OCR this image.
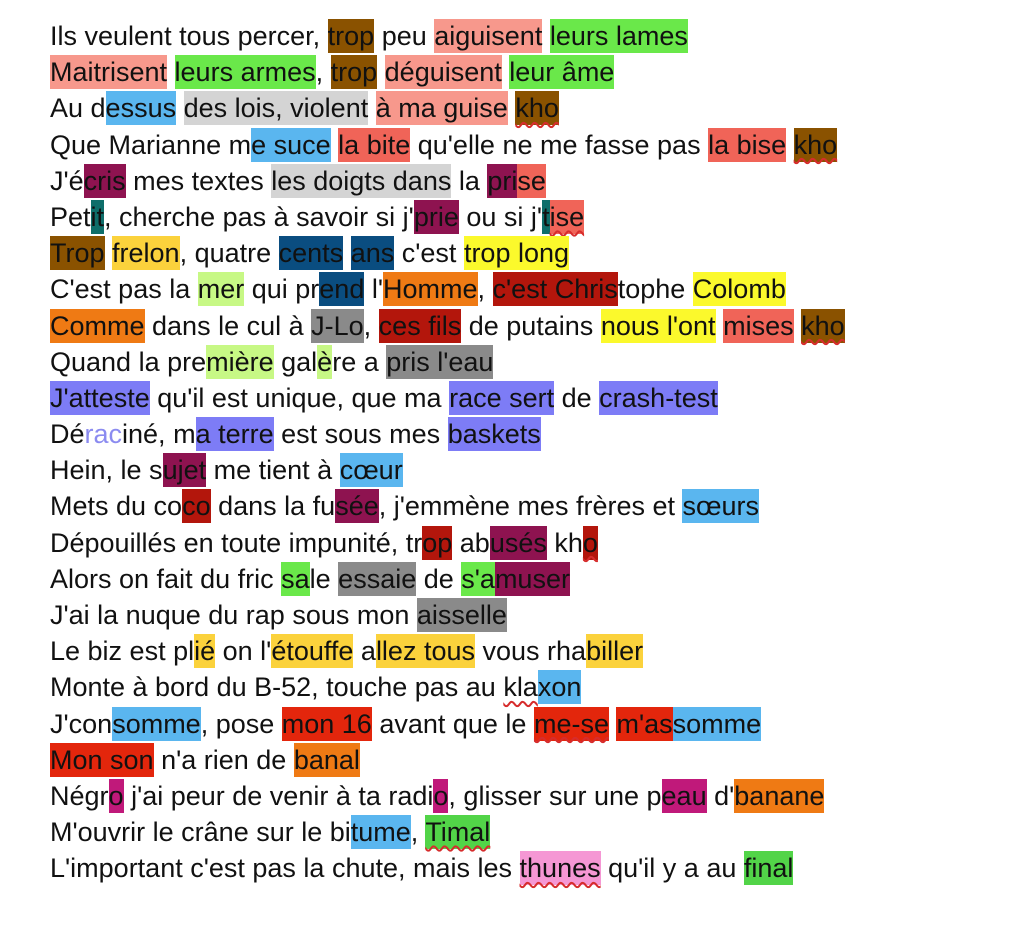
Ils veulent tous percer, trop peu aiguisent leurs lames
Maitrisent leurs armes, trop déguisent leur âme
Au dessus des lois, violent à ma guise kho
Que Marianne me suce la bite qu'elle ne me fasse pas la bise kho
J'écris mes textes les doigts dans la prise
Petit, cherche pas à savoir si j'prie ou si j'tise
Trop frelon, quatre cents ans c'est trop long
C'est pas la mer qui prend l'Homme, c'est Christophe Colomb
Comme dans le cul à J-Lo, ces fils de putains nous l'ont mises kho
Quand la première galère a pris l'eau
J'atteste qu'il est unique, que ma race sert de crash-test
Déraciné, ma terre est sous mes baskets
Hein, le sujet me tient à cœur
Mets du coco dans la fusée, j'emmène mes frères et sœurs
Dépouillés en toute impunité, trop abusés kho
Alors on fait du fric sale essaie de s'amuser
J'ai la nuque du rap sous mon aisselle
Le biz est plié on l'étouffe allez tous vous rhabiller
Monte à bord du B-52, touche pas au klaxon
J'consomme, pose mon 16 avant que le me-se m'assomme
Mon son n'a rien de banal
Négro j'ai peur de venir à ta radio, glisser sur une peau d'banane
M'ouvrir le crâne sur le bitume, Timal
L'important c'est pas la chute, mais les thunes qu'il y a au final
